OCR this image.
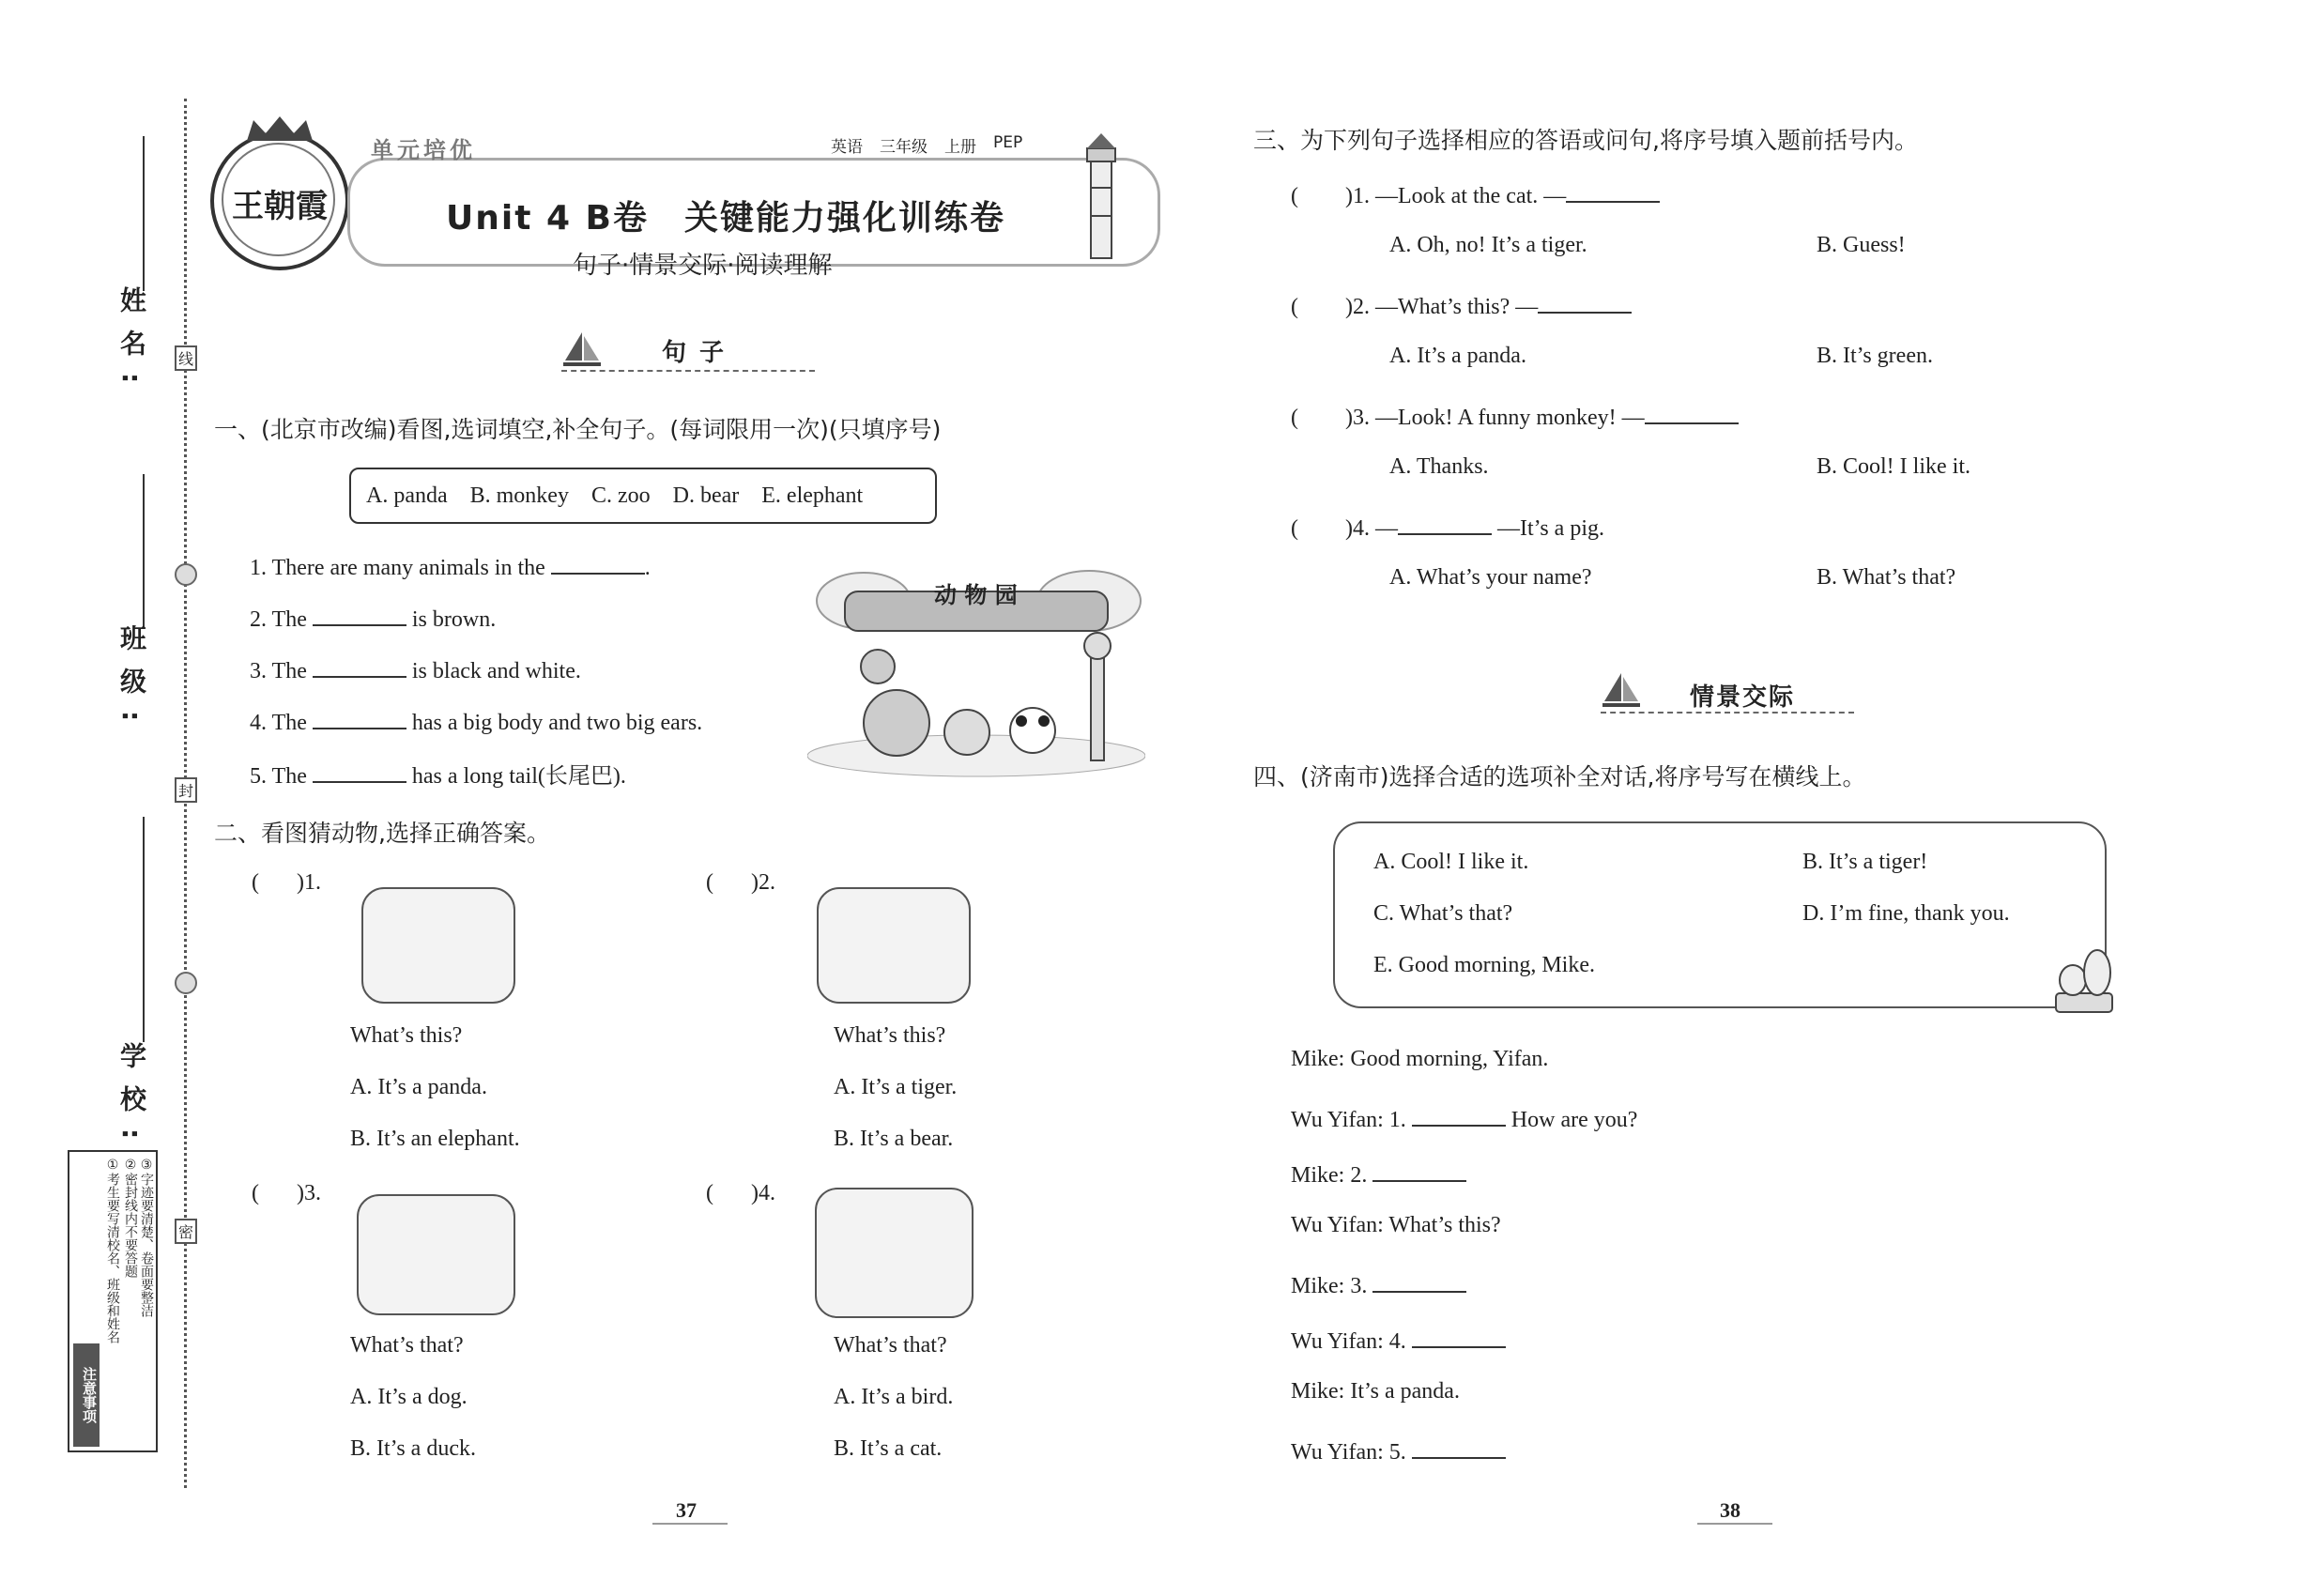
姓名:
班级:
学校:
线
封
密
注意事项
①考生要写清校名、班级和姓名 ②密封线内不要答题 ③字迹要清楚、卷面要整洁
王朝霞
单元培优	英语 三年级 上册 PEP
Unit 4 B卷　关键能力强化训练卷
句子·情景交际·阅读理解
句子
一、(北京市改编)看图,选词填空,补全句子。(每词限用一次)(只填序号)
A. panda　B. monkey　C. zoo　D. bear　E. elephant
1. There are many animals in the	.
2. The	is brown.
3. The	is black and white.
4. The	has a big body and two big ears.
5. The	has a long tail(长尾巴).
动 物 园
二、看图猜动物,选择正确答案。
( )1.
What’s this?
A. It’s a panda.
B. It’s an elephant.
( )2.
What’s this?
A. It’s a tiger.
B. It’s a bear.
( )3.
What’s that?
A. It’s a dog.
B. It’s a duck.
( )4.
What’s that?
A. It’s a bird.
B. It’s a cat.
37
三、为下列句子选择相应的答语或问句,将序号填入题前括号内。
( )1. —Look at the cat. —
A. Oh, no! It’s a tiger.	B. Guess!
( )2. —What’s this? —
A. It’s a panda.	B. It’s green.
( )3. —Look! A funny monkey! —
A. Thanks.	B. Cool! I like it.
( )4. —	—It’s a pig.
A. What’s your name?	B. What’s that?
情景交际
四、(济南市)选择合适的选项补全对话,将序号写在横线上。
A. Cool! I like it.	B. It’s a tiger!
C. What’s that?	D. I’m fine, thank you.
E. Good morning, Mike.
Mike: Good morning, Yifan.
Wu Yifan: 1.	How are you?
Mike: 2.
Wu Yifan: What’s this?
Mike: 3.
Wu Yifan: 4.
Mike: It’s a panda.
Wu Yifan: 5.
38
